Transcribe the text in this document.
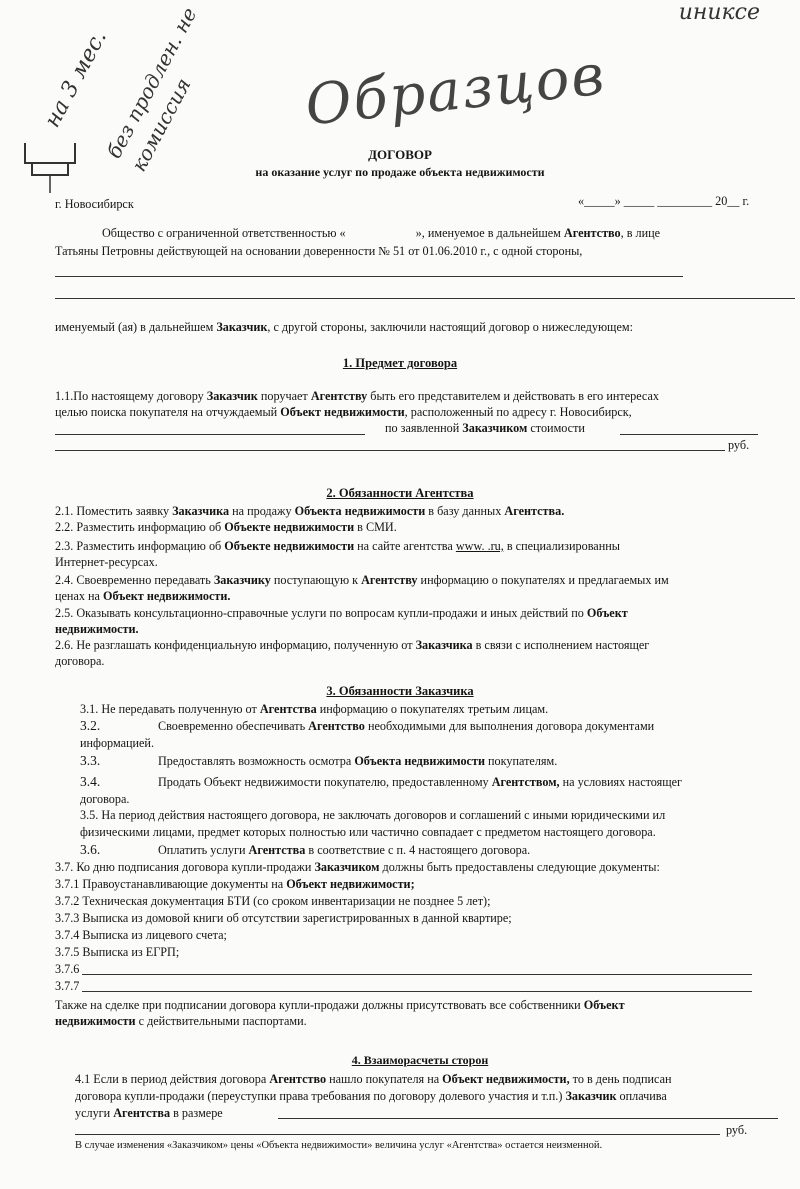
иниксе
на 3 мес.
без продлен. не комиссия	Образцов
ДОГОВОР
на оказание услуг по продаже объекта недвижимости
г. Новосибирск	«_____» _____ _________ 20__ г.
Общество с ограниченной ответственностью «	», именуемое в дальнейшем Агентство, в лице
Татьяны Петровны действующей на основании доверенности № 51 от 01.06.2010 г., с одной стороны,
именуемый (ая) в дальнейшем Заказчик, с другой стороны, заключили настоящий договор о нижеследующем:
1. Предмет договора
1.1.По настоящему договору Заказчик поручает Агентству быть его представителем и действовать в его интересах
целью поиска покупателя на отчуждаемый Объект недвижимости, расположенный по адресу г. Новосибирск,
по заявленной Заказчиком стоимости
руб.
2. Обязанности Агентства
2.1. Поместить заявку Заказчика на продажу Объекта недвижимости в базу данных Агентства.
2.2. Разместить информацию об Объекте недвижимости в СМИ.
2.3. Разместить информацию об Объекте недвижимости на сайте агентства www. .ru, в специализированны
Интернет-ресурсах.
2.4. Своевременно передавать Заказчику поступающую к Агентству информацию о покупателях и предлагаемых им
ценах на Объект недвижимости.
2.5. Оказывать консультационно-справочные услуги по вопросам купли-продажи и иных действий по Объект
недвижимости.
2.6. Не разглашать конфиденциальную информацию, полученную от Заказчика в связи с исполнением настоящег
договора.
3. Обязанности Заказчика
3.1. Не передавать полученную от Агентства информацию о покупателях третьим лицам.
3.2.	Своевременно обеспечивать Агентство необходимыми для выполнения договора документами
информацией.
3.3.	Предоставлять возможность осмотра Объекта недвижимости покупателям.
3.4.	Продать Объект недвижимости покупателю, предоставленному Агентством, на условиях настоящег
договора.
3.5. На период действия настоящего договора, не заключать договоров и соглашений с иными юридическими ил
физическими лицами, предмет которых полностью или частично совпадает с предметом настоящего договора.
3.6.	Оплатить услуги Агентства в соответствие с п. 4 настоящего договора.
3.7. Ко дню подписания договора купли-продажи Заказчиком должны быть предоставлены следующие документы:
3.7.1 Правоустанавливающие документы на Объект недвижимости;
3.7.2 Техническая документация БТИ (со сроком инвентаризации не позднее 5 лет);
3.7.3 Выписка из домовой книги об отсутствии зарегистрированных в данной квартире;
3.7.4 Выписка из лицевого счета;
3.7.5 Выписка из ЕГРП;
3.7.6
3.7.7
Также на сделке при подписании договора купли-продажи должны присутствовать все собственники Объект
недвижимости с действительными паспортами.
4. Взаиморасчеты сторон
4.1 Если в период действия договора Агентство нашло покупателя на Объект недвижимости, то в день подписан
договора купли-продажи (переуступки права требования по договору долевого участия и т.п.) Заказчик оплачива
услуги Агентства в размере
руб.
В случае изменения «Заказчиком» цены «Объекта недвижимости» величина услуг «Агентства» остается неизменной.
